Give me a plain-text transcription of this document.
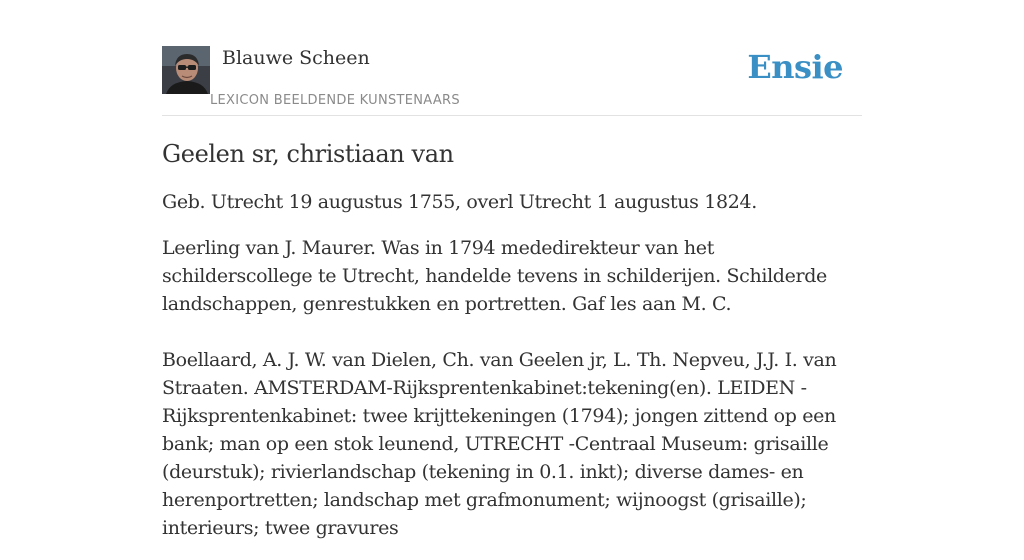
Blauwe Scheen
LEXICON BEELDENDE KUNSTENAARS
Ensie
Geelen sr, christiaan van

Geb. Utrecht 19 augustus 1755, overl Utrecht 1 augustus 1824.

Leerling van J. Maurer. Was in 1794 mededirekteur van het schilderscollege te Utrecht, handelde tevens in schilderijen. Schilderde landschappen, genrestukken en portretten. Gaf les aan M. C.

Boellaard, A. J. W. van Dielen, Ch. van Geelen jr, L. Th. Nepveu, J.J. I. van Straaten. AMSTERDAM-Rijksprentenkabinet:tekening(en). LEIDEN - Rijksprentenkabinet: twee krijttekeningen (1794); jongen zittend op een bank; man op een stok leunend, UTRECHT -Centraal Museum: grisaille (deurstuk); rivierlandschap (tekening in 0.1. inkt); diverse dames- en herenportretten; landschap met grafmonument; wijnoogst (grisaille); interieurs; twee gravures
